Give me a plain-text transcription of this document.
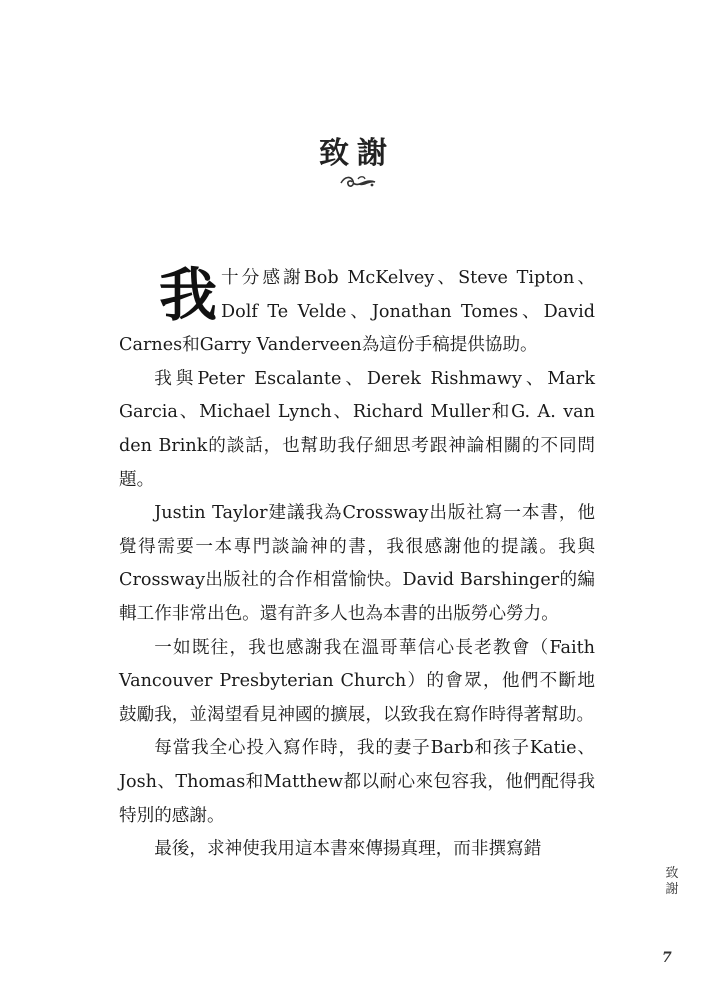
致謝

我十分感謝Bob McKelvey、Steve Tipton、Dolf Te Velde、Jonathan Tomes、David Carnes和Garry Vanderveen為這份手稿提供協助。

我與Peter Escalante、Derek Rishmawy、Mark Garcia、Michael Lynch、Richard Muller和G. A. van den Brink的談話，也幫助我仔細思考跟神論相關的不同問題。

Justin Taylor建議我為Crossway出版社寫一本書，他覺得需要一本專門談論神的書，我很感謝他的提議。我與Crossway出版社的合作相當愉快。David Barshinger的編輯工作非常出色。還有許多人也為本書的出版勞心勞力。

一如既往，我也感謝我在溫哥華信心長老教會（Faith Vancouver Presbyterian Church）的會眾，他們不斷地鼓勵我，並渴望看見神國的擴展，以致我在寫作時得著幫助。

每當我全心投入寫作時，我的妻子Barb和孩子Katie、Josh、Thomas和Matthew都以耐心來包容我，他們配得我特別的感謝。

最後，求神使我用這本書來傳揚真理，而非撰寫錯

致謝
7
